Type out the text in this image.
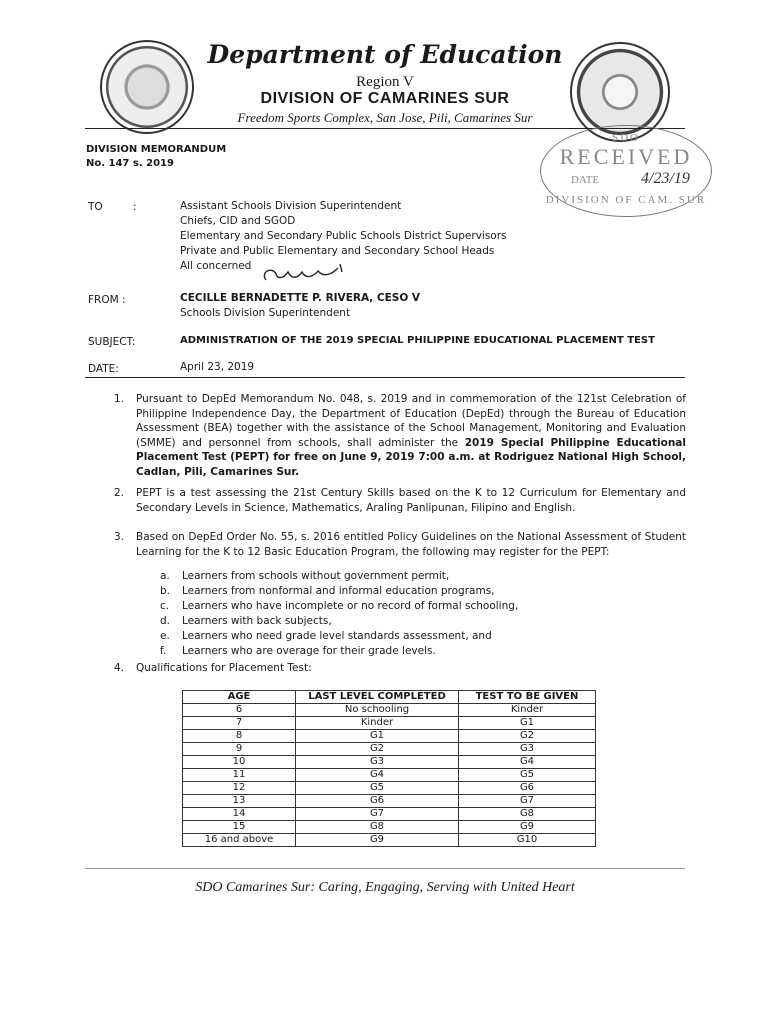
Department of Education
Region V
DIVISION OF CAMARINES SUR
Freedom Sports Complex, San Jose, Pili, Camarines Sur
SDO
RECEIVED
DATE	4/23/19
DIVISION OF CAM. SUR
DIVISION MEMORANDUM
No. 147 s. 2019
TO	:	Assistant Schools Division Superintendent
Chiefs, CID and SGOD
Elementary and Secondary Public Schools District Supervisors
Private and Public Elementary and Secondary School Heads
All concerned
FROM :	CECILLE BERNADETTE P. RIVERA, CESO V
Schools Division Superintendent
SUBJECT:	ADMINISTRATION OF THE 2019 SPECIAL PHILIPPINE EDUCATIONAL PLACEMENT TEST
DATE:	April 23, 2019
1. Pursuant to DepEd Memorandum No. 048, s. 2019 and in commemoration of the 121st Celebration of Philippine Independence Day, the Department of Education (DepEd) through the Bureau of Education Assessment (BEA) together with the assistance of the School Management, Monitoring and Evaluation (SMME) and personnel from schools, shall administer the 2019 Special Philippine Educational Placement Test (PEPT) for free on June 9, 2019 7:00 a.m. at Rodriguez National High School, Cadlan, Pili, Camarines Sur.
2. PEPT is a test assessing the 21st Century Skills based on the K to 12 Curriculum for Elementary and Secondary Levels in Science, Mathematics, Araling Panlipunan, Filipino and English.
3. Based on DepEd Order No. 55, s. 2016 entitled Policy Guidelines on the National Assessment of Student Learning for the K to 12 Basic Education Program, the following may register for the PEPT:
a. Learners from schools without government permit,
b. Learners from nonformal and informal education programs,
c. Learners who have incomplete or no record of formal schooling,
d. Learners with back subjects,
e. Learners who need grade level standards assessment, and
f. Learners who are overage for their grade levels.
4. Qualifications for Placement Test:
AGE	LAST LEVEL COMPLETED	TEST TO BE GIVEN
6	No schooling	Kinder
7	Kinder	G1
8	G1	G2
9	G2	G3
10	G3	G4
11	G4	G5
12	G5	G6
13	G6	G7
14	G7	G8
15	G8	G9
16 and above	G9	G10
SDO Camarines Sur: Caring, Engaging, Serving with United Heart
